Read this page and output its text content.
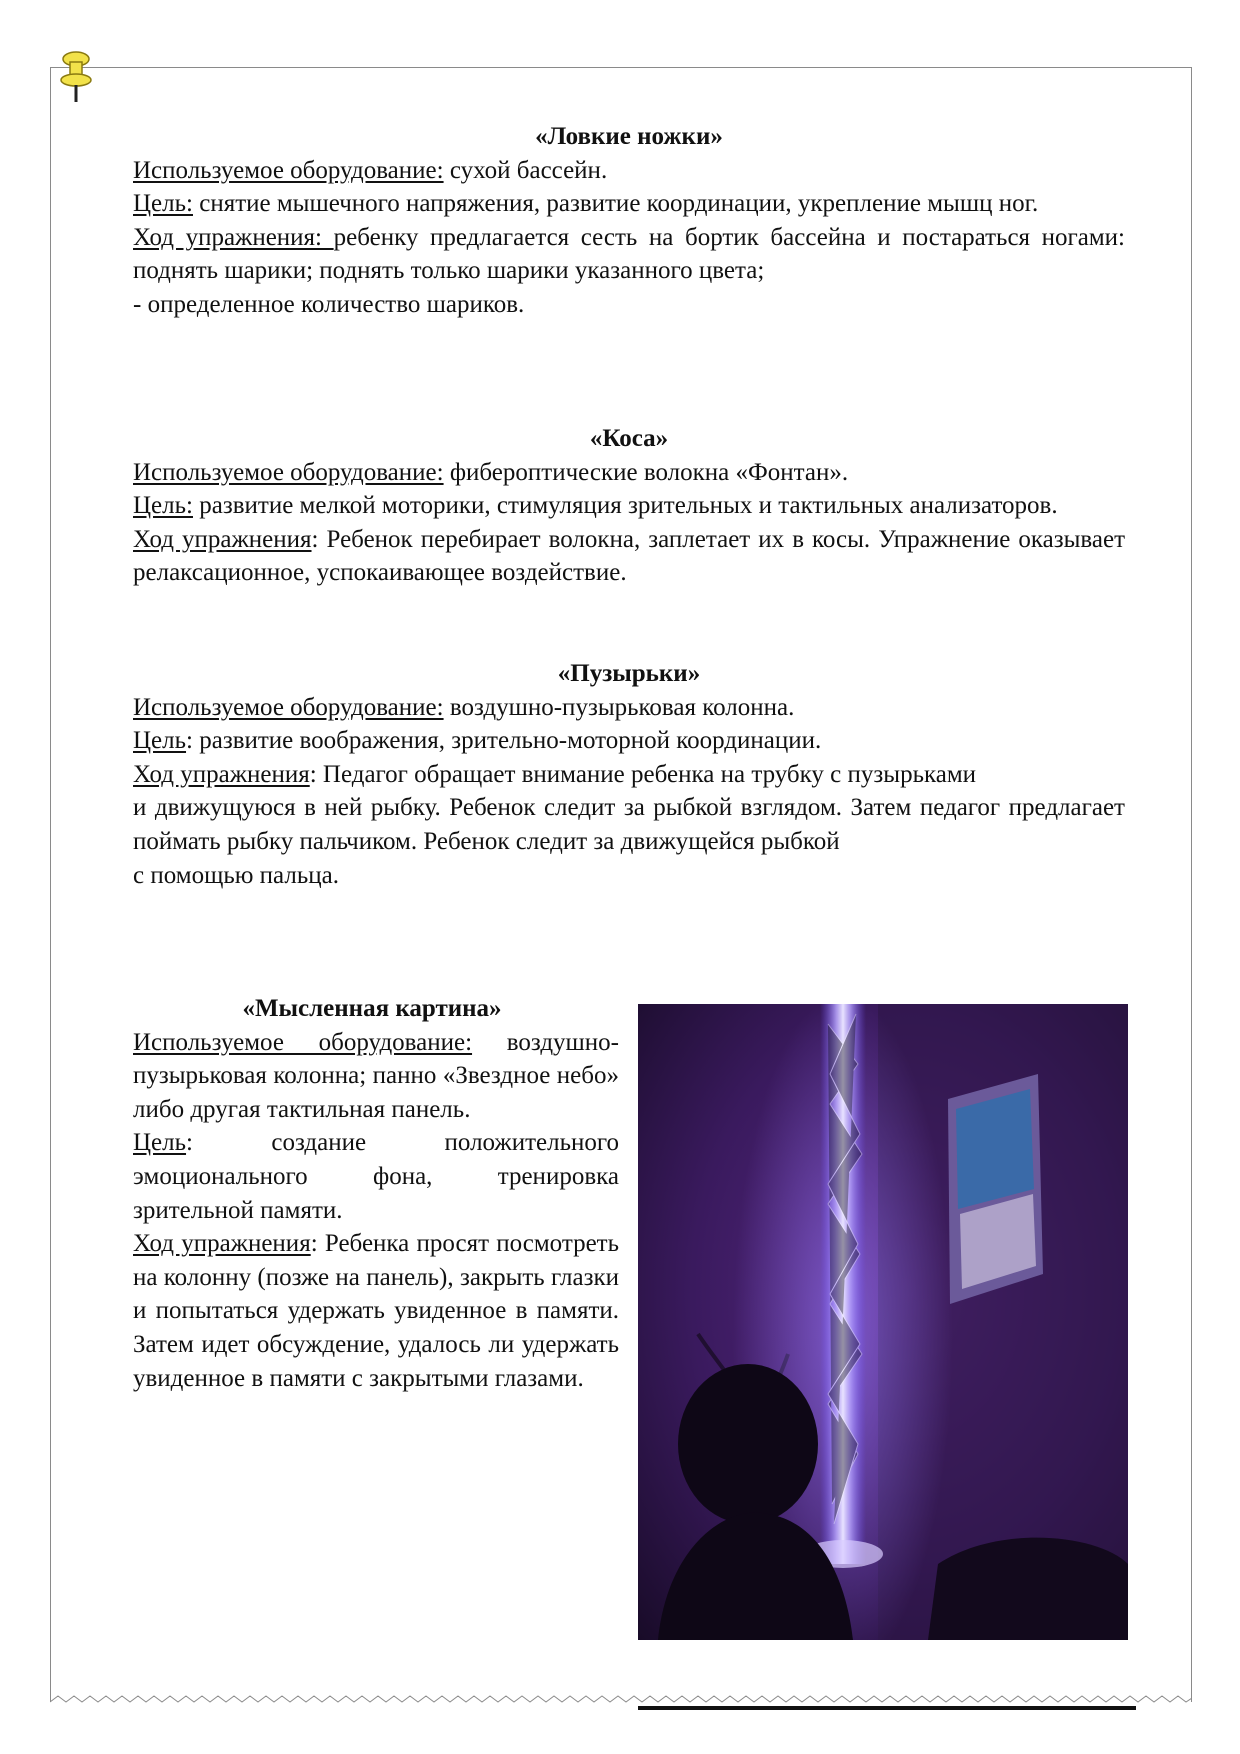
«Ловкие ножки»

Используемое оборудование: сухой бассейн.

Цель: снятие мышечного напряжения, развитие координации, укрепление мышц ног.

Ход упражнения: ребенку предлагается сесть на бортик бассейна и постараться ногами: поднять шарики; поднять только шарики указанного цвета;

- определенное количество шариков.

«Коса»

Используемое оборудование: фибероптические волокна «Фонтан».

Цель: развитие мелкой моторики, стимуляция зрительных и тактильных анализаторов.

Ход упражнения: Ребенок перебирает волокна, заплетает их в косы. Упражнение оказывает релаксационное, успокаивающее воздействие.

«Пузырьки»

Используемое оборудование: воздушно-пузырьковая колонна.

Цель: развитие воображения, зрительно-моторной координации.

Ход упражнения: Педагог обращает внимание ребенка на трубку с пузырьками

и движущуюся в ней рыбку. Ребенок следит за рыбкой взглядом. Затем педагог предлагает поймать рыбку пальчиком. Ребенок следит за движущейся рыбкой

с помощью пальца.

«Мысленная картина»

Используемое оборудование: воздушно-пузырьковая колонна; панно «Звездное небо» либо другая тактильная панель.

Цель: создание положительного эмоционального фона, тренировка зрительной памяти.

Ход упражнения: Ребенка просят посмотреть на колонну (позже на панель), закрыть глазки и попытаться удержать увиденное в памяти. Затем идет обсуждение, удалось ли удержать увиденное в памяти с закрытыми глазами.
